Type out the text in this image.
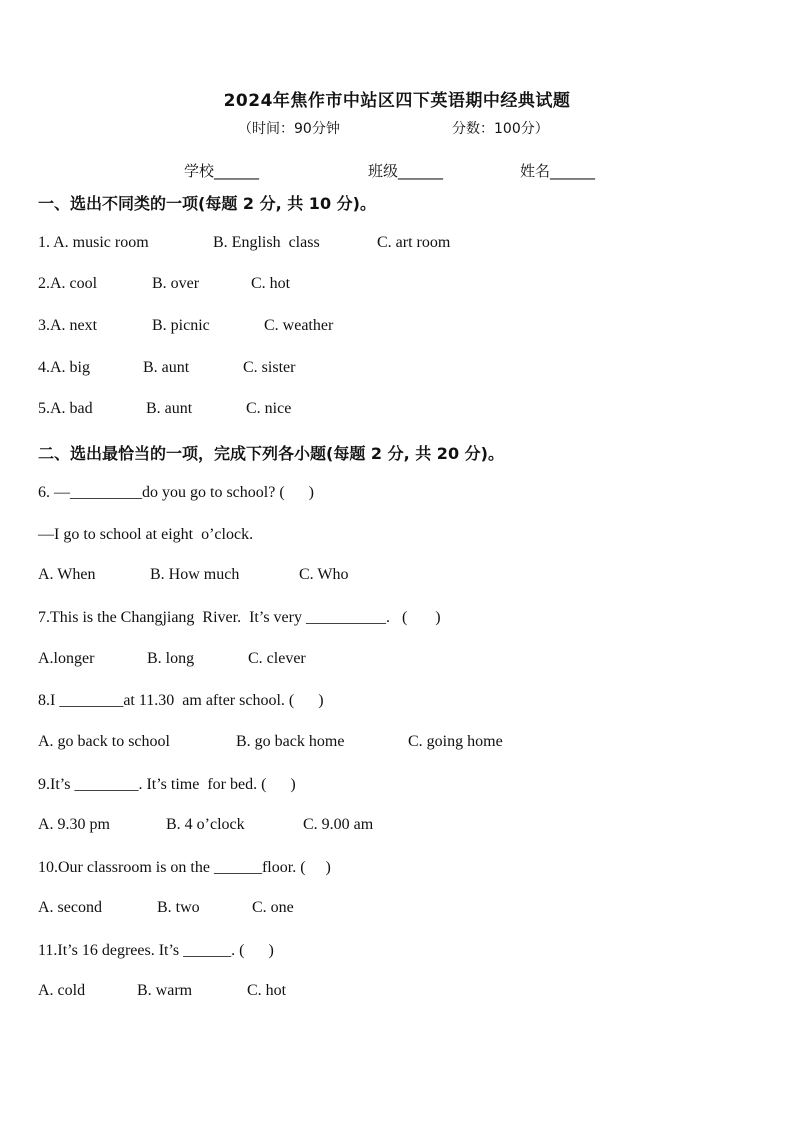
2024年焦作市中站区四下英语期中经典试题
（时间：90分钟	分数：100分）
学校______	班级______	姓名______
一、选出不同类的一项(每题 2 分, 共 10 分)。
1. A. music room	B. English  class	C. art room
2.A. cool	B. over	C. hot
3.A. next	B. picnic	C. weather
4.A. big	B. aunt	C. sister
5.A. bad	B. aunt	C. nice
二、选出最恰当的一项，完成下列各小题(每题 2 分, 共 20 分)。
6. —_________do you go to school? (      )
—I go to school at eight  o’clock.
A. When	B. How much	C. Who
7.This is the Changjiang  River.  It’s very __________.   (       )
A.longer	B. long	C. clever
8.I ________at 11.30  am after school. (      )
A. go back to school	B. go back home	C. going home
9.It’s ________. It’s time  for bed. (      )
A. 9.30 pm	B. 4 o’clock	C. 9.00 am
10.Our classroom is on the ______floor. (     )
A. second	B. two	C. one
11.It’s 16 degrees. It’s ______. (      )
A. cold	B. warm	C. hot
